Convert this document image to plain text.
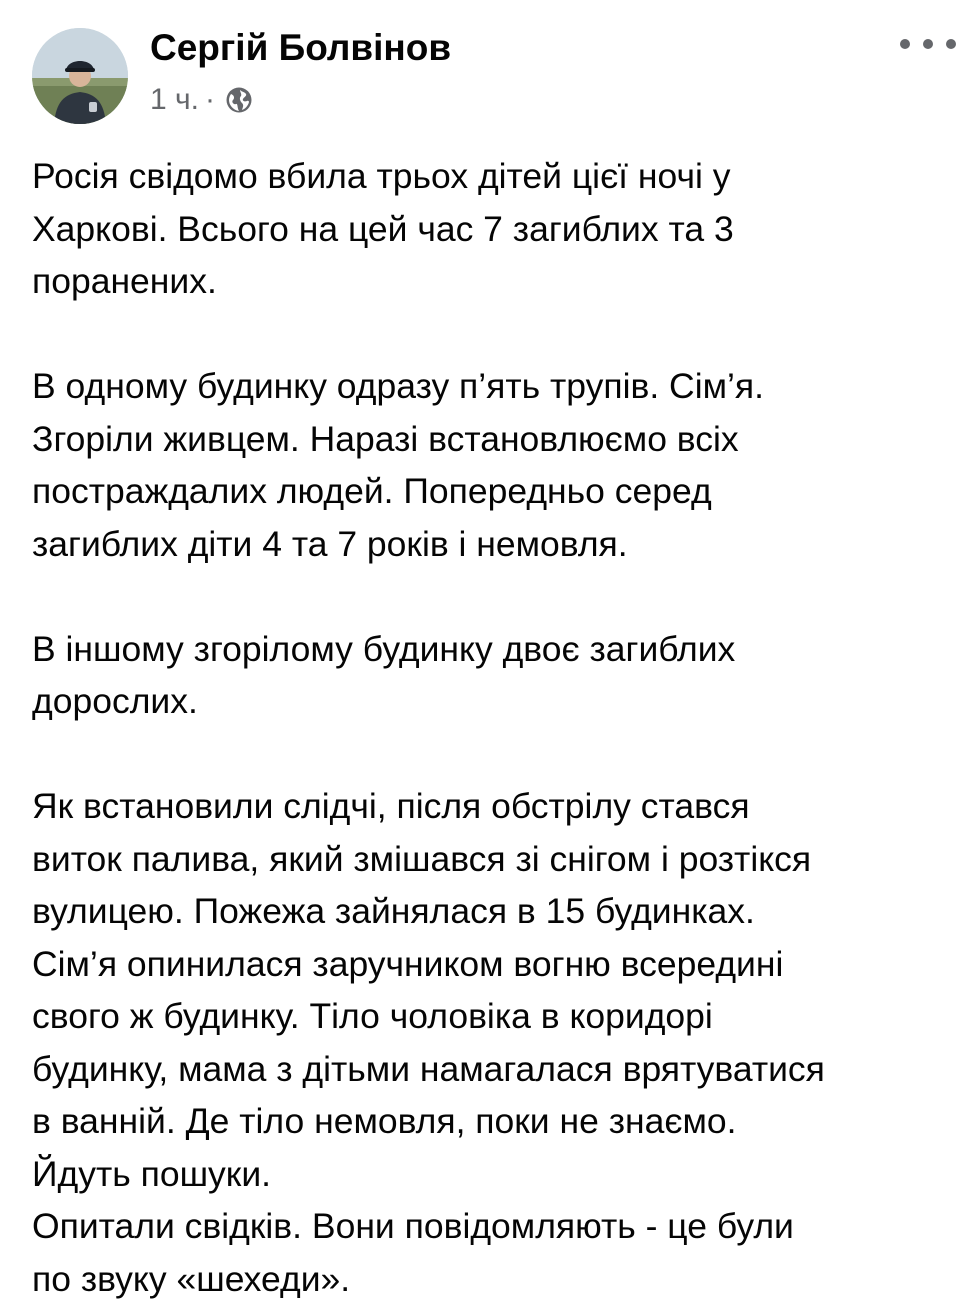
Сергій Болвінов
1 ч. ·

Росія свідомо вбила трьох дітей цієї ночі у
Харкові. Всього на цей час 7 загиблих та 3
поранених.

В одному будинку одразу п’ять трупів. Сім’я.
Згоріли живцем. Наразі встановлюємо всіх
постраждалих людей. Попередньо серед
загиблих діти 4 та 7 років і немовля.

В іншому згорілому будинку двоє загиблих
дорослих.

Як встановили слідчі, після обстрілу стався
виток палива, який змішався зі снігом і розтікся
вулицею. Пожежа зайнялася в 15 будинках.
Сім’я опинилася заручником вогню всередині
свого ж будинку. Тіло чоловіка в коридорі
будинку, мама з дітьми намагалася врятуватися
в ванній. Де тіло немовля, поки не знаємо.
Йдуть пошуки.
Опитали свідків. Вони повідомляють - це були
по звуку «шехеди».
